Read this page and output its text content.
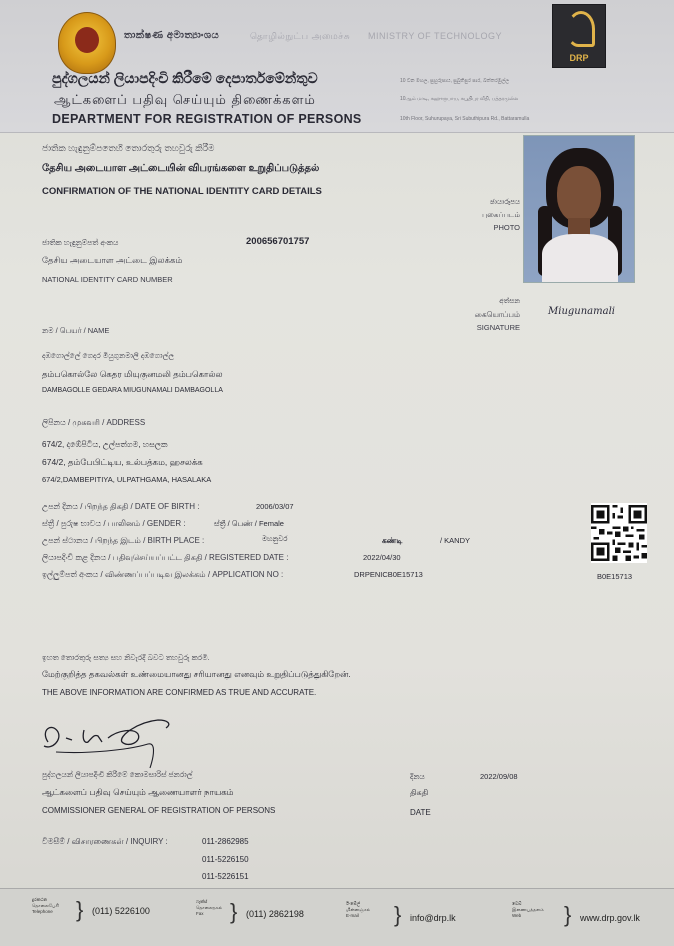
තාක්ෂණ අමාත්‍යාංශය	தொழில்நுட்ப அமைச்சு MINISTRY OF TECHNOLOGY
DRP
පුද්ගලයන් ලියාපදිංචි කිරීමේ දෙපාර්තමේන්තුව
ஆட்களைப் பதிவு செய்யும் திணைக்களம்
DEPARTMENT FOR REGISTRATION OF PERSONS
10 වන මහල, සුහුරුපාය, සුබුතිපුර පාර, බත්තරමුල්ල
10ஆம் மாடி, சுஹுருபாய, சுபூதிபுர வீதி, பத்தரமுல்ல
10th Floor, Suhurupaya, Sri Subuthipura Rd., Battaramulla
ජාතික හැඳුනුම්පතෙහි තොරතුරු තහවුරු කිරීම
தேசிய அடையாள அட்டையின் விபரங்களை உறுதிப்படுத்தல்
CONFIRMATION OF THE NATIONAL IDENTITY CARD DETAILS
ඡායාරූපය
புகைப்படம்
PHOTO
ජාතික හැඳුනුම්පත් අංකය	200656701757
தேசிய அடையாள அட்டை இலக்கம்
NATIONAL IDENTITY CARD NUMBER
අත්සන
கையொப்பம்
SIGNATURE
Miugunamali
නම / பெயர் / NAME
දඹගොල්ලේ ගෙදර මියුගුනමාලි දඹගොල්ල
தம்பகொல்லே கெதர மியுகுனமலி தம்பகொல்ல
DAMBAGOLLE GEDARA MIUGUNAMALI DAMBAGOLLA
ලිපිනය / முகவரி / ADDRESS
674/2, දඹේපිටිය, උල්පත්ගම, හසලක
674/2, தம்பேபிட்டிய, உல்பத்கம, ஹசலக்க
674/2,DAMBEPITIYA, ULPATHGAMA, HASALAKA
උපන් දිනය / பிறந்த திகதி / DATE OF BIRTH :	2006/03/07
ස්ත්‍රී / පුරුෂ භාවය / பாலினம் / GENDER :	ස්ත්‍රී / பெண் / Female
උපන් ස්ථානය / பிறந்த இடம் / BIRTH PLACE :	මහනුවර	கண்டி	/ KANDY
ලියාපදිංචි කළ දිනය / பதிவுசெய்யப்பட்ட திகதி / REGISTERED DATE :	2022/04/30
ඉල්ලුම්පත් අංකය / விண்ணப்பப்படிவ இலக்கம் / APPLICATION NO :	DRPENICB0E15713	B0E15713
ඉහත තොරතුරු සත්‍ය සහ නිවැරදි බවට තහවුරු කරමි.
மேற்குறித்த தகவல்கள் உண்மையானது சரியானது எனவும் உறுதிப்படுத்துகிறேன்.
THE ABOVE INFORMATION ARE CONFIRMED AS TRUE AND ACCURATE.
පුද්ගලයන් ලියාපදිංචි කිරීමේ කොමසාරිස් ජනරාල්
ஆட்களைப் பதிவு செய்யும் ஆணையாளர் நாயகம்
COMMISSIONER GENERAL OF REGISTRATION OF PERSONS
දිනය	2022/09/08
திகதி
DATE
විමසීම් / விசாரணைகள் / INQUIRY :	011-2862985
011-5226150
011-5226151
දුරකථන
தொலைபேசி
Telephone } (011) 5226100
ෆැක්ස්
தொலைநகல்
Fax	} (011) 2862198
ඊ-මේල්
மின்னஞ்சல்
E-mail	} info@drp.lk
වෙබ්
இணையத்தளம்
Web	} www.drp.gov.lk
